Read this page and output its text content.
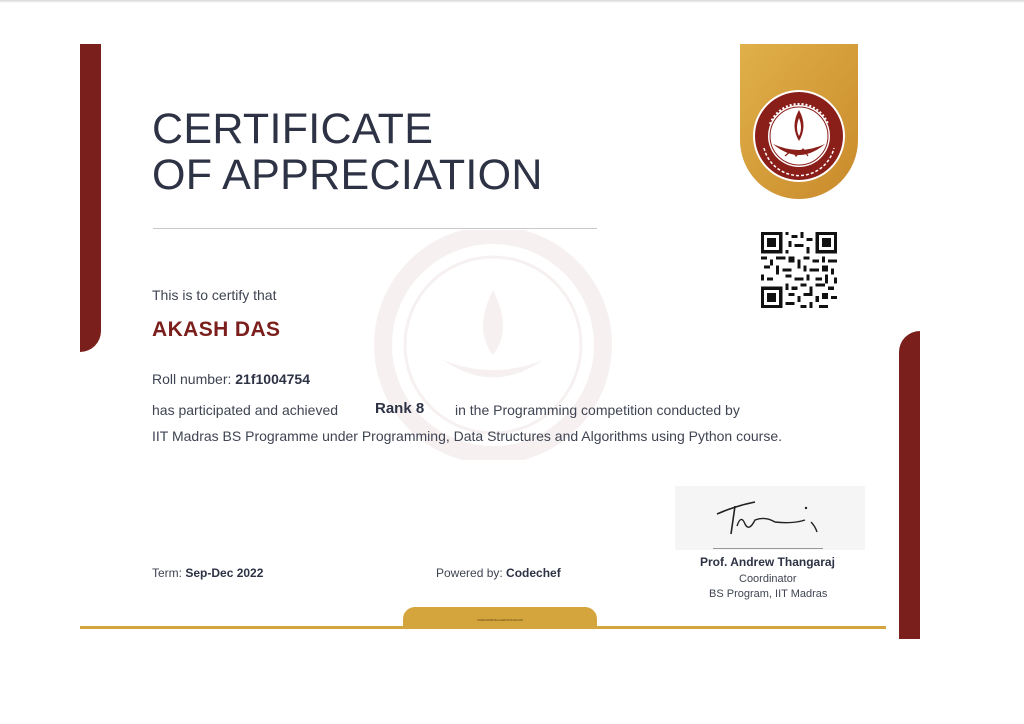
CERTIFICATE
OF APPRECIATION
This is to certify that
AKASH DAS
Roll number: 21f1004754
has participated and achieved Rank 8 in the Programming competition conducted by
IIT Madras BS Programme under Programming, Data Structures and Algorithms using Python course.
Term: Sep-Dec 2022	Powered by: Codechef
Prof. Andrew Thangaraj
Coordinator
BS Program, IIT Madras
23MA0H0M4Dvs3a8v3hNrd2ntc8f
